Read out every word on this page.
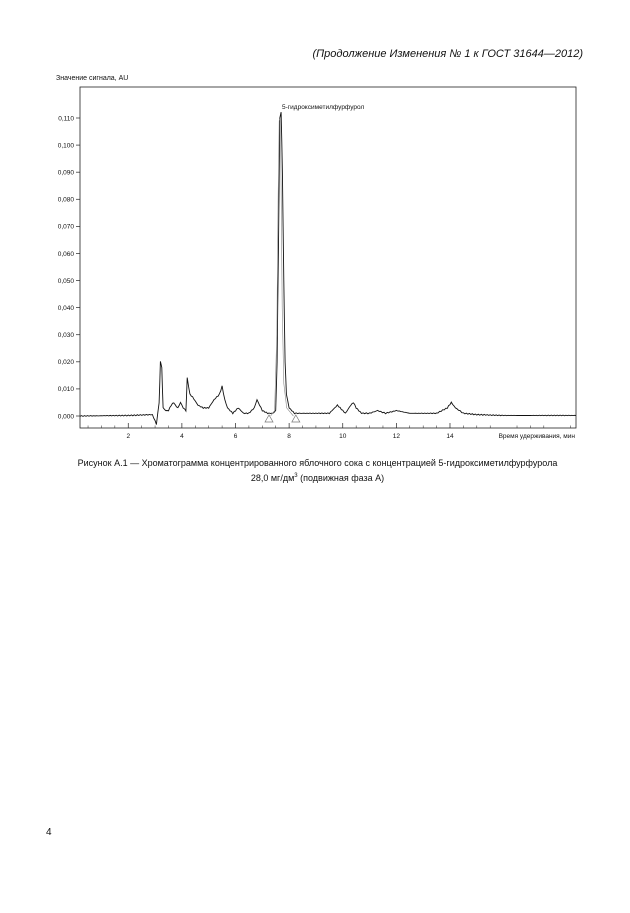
(Продолжение Изменения № 1 к ГОСТ 31644—2012)
Значение сигнала, AU
0,000
0,010
0,020
0,030
0,040
0,050
0,060
0,070
0,080
0,090
0,100
0,110
2	4	6	8	10	12	14
5-гидроксиметилфурфурол
Время удерживания, мин
Рисунок А.1 — Хроматограмма концентрированного яблочного сока с концентрацией 5-гидроксиметилфурфурола
28,0 $мг/дм^3$ (подвижная фаза А)
4
